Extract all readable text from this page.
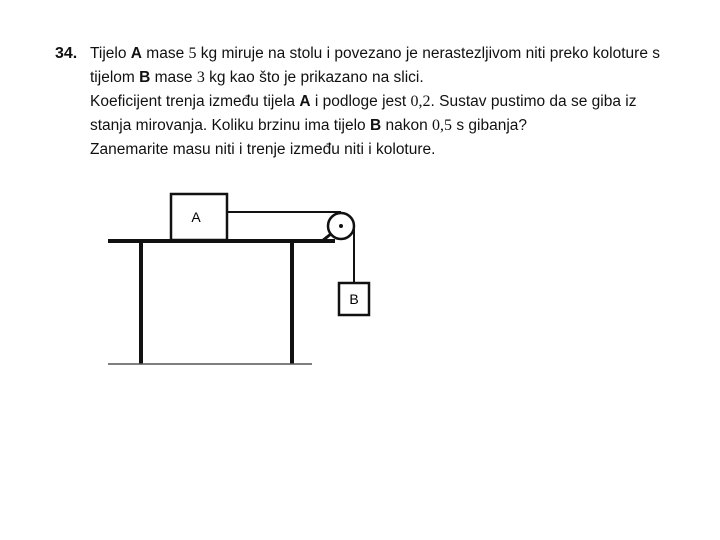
34. Tijelo A mase 5 kg miruje na stolu i povezano je nerastezljivom niti preko koloture s
tijelom B mase 3 kg kao što je prikazano na slici.
Koeficijent trenja između tijela A i podloge jest 0,2. Sustav pustimo da se giba iz
stanja mirovanja. Koliku brzinu ima tijelo B nakon 0,5 s gibanja?
Zanemarite masu niti i trenje između niti i koloture.
A
B
